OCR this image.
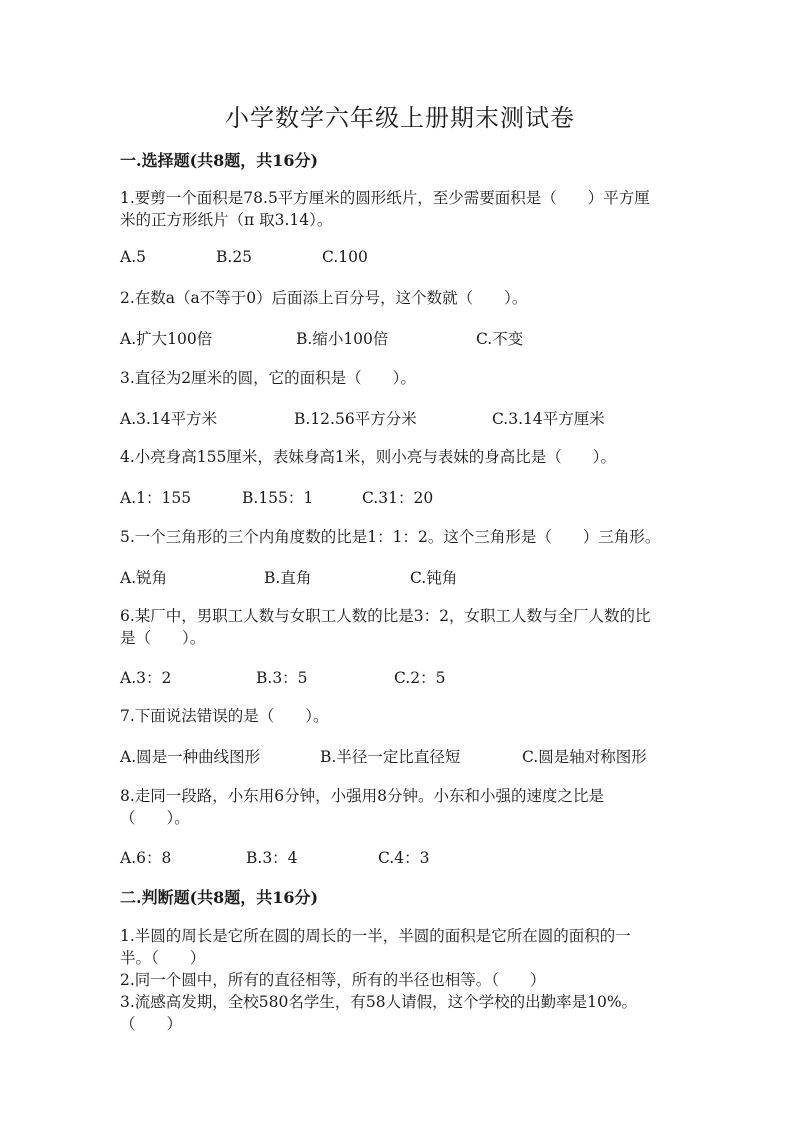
小学数学六年级上册期末测试卷
一.选择题(共8题，共16分)
1.要剪一个面积是78.5平方厘米的圆形纸片，至少需要面积是（　　）平方厘
米的正方形纸片（π 取3.14）。
A.5	B.25	C.100
2.在数a（a不等于0）后面添上百分号，这个数就（　　）。
A.扩大100倍	B.缩小100倍	C.不变
3.直径为2厘米的圆，它的面积是（　　）。
A.3.14平方米	B.12.56平方分米	C.3.14平方厘米
4.小亮身高155厘米，表妹身高1米，则小亮与表妹的身高比是（　　）。
A.1：155	B.155：1	C.31：20
5.一个三角形的三个内角度数的比是1：1：2。这个三角形是（　　）三角形。
A.锐角	B.直角	C.钝角
6.某厂中，男职工人数与女职工人数的比是3：2，女职工人数与全厂人数的比
是（　　）。
A.3：2	B.3：5	C.2：5
7.下面说法错误的是（　　）。
A.圆是一种曲线图形	B.半径一定比直径短	C.圆是轴对称图形
8.走同一段路，小东用6分钟，小强用8分钟。小东和小强的速度之比是
（　　）。
A.6：8	B.3：4	C.4：3
二.判断题(共8题，共16分)
1.半圆的周长是它所在圆的周长的一半，半圆的面积是它所在圆的面积的一
半。（　　）
2.同一个圆中，所有的直径相等，所有的半径也相等。（　　）
3.流感高发期，全校580名学生，有58人请假，这个学校的出勤率是10%。
（　　）
